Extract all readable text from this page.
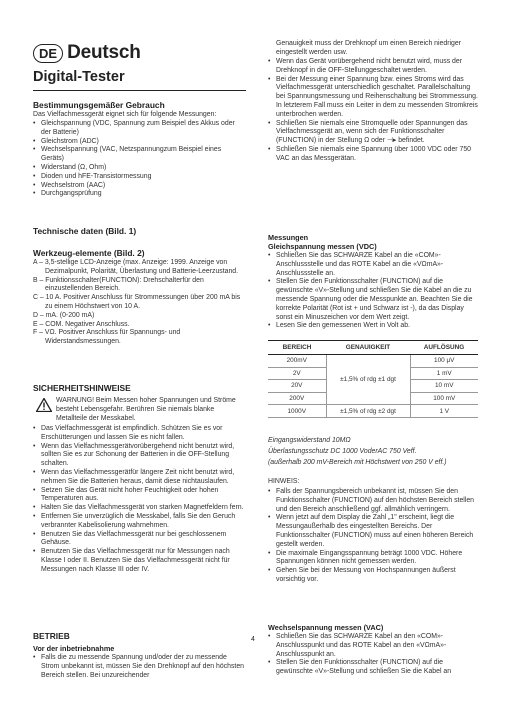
DE Deutsch
Digital-Tester
Bestimmungsgemäßer Gebrauch
Das Vielfachmessgerät eignet sich für folgende Messungen:
• Gleichspannung (VDC, Spannung zum Beispiel des Akkus oder der Batterie)
• Gleichstrom (ADC)
• Wechselspannung (VAC, Netzspannungzum Beispiel eines Geräts)
• Widerstand (Ω, Ohm)
• Dioden und hFE-Transistormessung
• Wechselstrom (AAC)
• Durchgangsprüfung
Technische daten (Bild. 1)
Werkzeug-elemente (Bild. 2)
A – 3,5-stellige LCD-Anzeige (max. Anzeige: 1999. Anzeige von Dezimalpunkt, Polarität, Überlastung und Batterie-Leerzustand.
B – Funktionsschalter(FUNCTION): Drehschalterfür den einzustellenden Bereich.
C – 10 A. Positiver Anschluss für Strommessungen über 200 mA bis zu einem Höchstwert von 10 A.
D – mA. (0-200 mA)
E – COM. Negativer Anschluss.
F – VΩ. Positiver Anschluss für Spannungs- und Widerstandsmessungen.
SICHERHEITSHINWEISE
WARNUNG! Beim Messen hoher Spannungen und Ströme besteht Lebensgefahr. Berühren Sie niemals blanke Metallteile der Messkabel.
• Das Vielfachmessgerät ist empfindlich. Schützen Sie es vor Erschütterungen und lassen Sie es nicht fallen.
• Wenn das Vielfachmessgerätvorübergehend nicht benutzt wird, sollten Sie es zur Schonung der Batterien in die OFF-Stellung schalten.
• Wenn das Vielfachmessgerätfür längere Zeit nicht benutzt wird, nehmen Sie die Batterien heraus, damit diese nichtauslaufen.
• Setzen Sie das Gerät nicht hoher Feuchtigkeit oder hohen Temperaturen aus.
• Halten Sie das Vielfachmessgerät von starken Magnetfeldern fern.
• Entfernen Sie unverzüglich die Messkabel, falls Sie den Geruch verbrannter Kabelisolierung wahrnehmen.
• Benutzen Sie das Vielfachmessgerät nur bei geschlossenem Gehäuse.
• Benutzen Sie das Vielfachmessgerät nur für Messungen nach Klasse I oder II. Benutzen Sie das Vielfachmessgerät nicht für Messungen nach Klasse III oder IV.
BETRIEB
Vor der inbetriebnahme
• Falls die zu messende Spannung und/oder der zu messende Strom unbekannt ist, müssen Sie den Drehknopf auf den höchsten Bereich stellen. Bei unzureichender
Genauigkeit muss der Drehknopf um einen Bereich niedriger eingestellt werden usw.
• Wenn das Gerät vorübergehend nicht benutzt wird, muss der Drehknopf in die OFF-Stellunggeschaltet werden.
• Bei der Messung einer Spannung bzw. eines Stroms wird das Vielfachmessgerät unterschiedlich geschaltet. Parallelschaltung bei Spannungsmessung und Reihenschaltung bei Strommessung. In letzterem Fall muss ein Leiter in dem zu messenden Stromkreis unterbrochen werden.
• Schließen Sie niemals eine Stromquelle oder Spannungen das Vielfachmessgerät an, wenn sich der Funktionsschalter (FUNCTION) in der Stellung Ω oder ⊣▸ befindet.
• Schließen Sie niemals eine Spannung über 1000 VDC oder 750 VAC an das Messgerätan.
Messungen
Gleichspannung messen (VDC)
• Schließen Sie das SCHWARZE Kabel an die «COM»-Anschlussstelle und das ROTE Kabel an die «VΩmA»-Anschlussstelle an.
• Stellen Sie den Funktionsschalter (FUNCTION) auf die gewünschte «V»-Stellung und schließen Sie die Kabel an die zu messende Spannung oder die Messpunkte an. Beachten Sie die korrekte Polarität (Rot ist + und Schwarz ist -), da das Display sonst ein Minuszeichen vor dem Wert zeigt.
• Lesen Sie den gemessenen Wert in Volt ab.
BEREICH	GENAUIGKEIT	AUFLÖSUNG
200mV	±1,5% of rdg ±1 dgt	100 μV
2V		1 mV
20V		10 mV
200V		100 mV
1000V	±1,5% of rdg ±2 dgt	1 V
Eingangswiderstand 10MΩ
Überlastungsschutz DC 1000 VoderAC 750 Veff.
(außerhalb 200 mV-Bereich mit Höchstwert von 250 V eff.)
HINWEIS:
• Falls der Spannungsbereich unbekannt ist, müssen Sie den Funktionsschalter (FUNCTION) auf den höchsten Bereich stellen und den Bereich anschließend ggf. allmählich verringern.
• Wenn jetzt auf dem Display die Zahl „1" erscheint, liegt die Messungaußerhalb des eingestellten Bereichs. Der Funktionsschalter (FUNCTION) muss auf einen höheren Bereich gestellt werden.
• Die maximale Eingangsspannung beträgt 1000 VDC. Höhere Spannungen können nicht gemessen werden.
• Gehen Sie bei der Messung von Hochspannungen äußerst vorsichtig vor.
Wechselspannung messen (VAC)
• Schließen Sie das SCHWARZE Kabel an den «COM»-Anschlusspunkt und das ROTE Kabel an den «VΩmA»-Anschlusspunkt an.
• Stellen Sie den Funktionsschalter (FUNCTION) auf die gewünschte «V»-Stellung und schließen Sie die Kabel an
4
